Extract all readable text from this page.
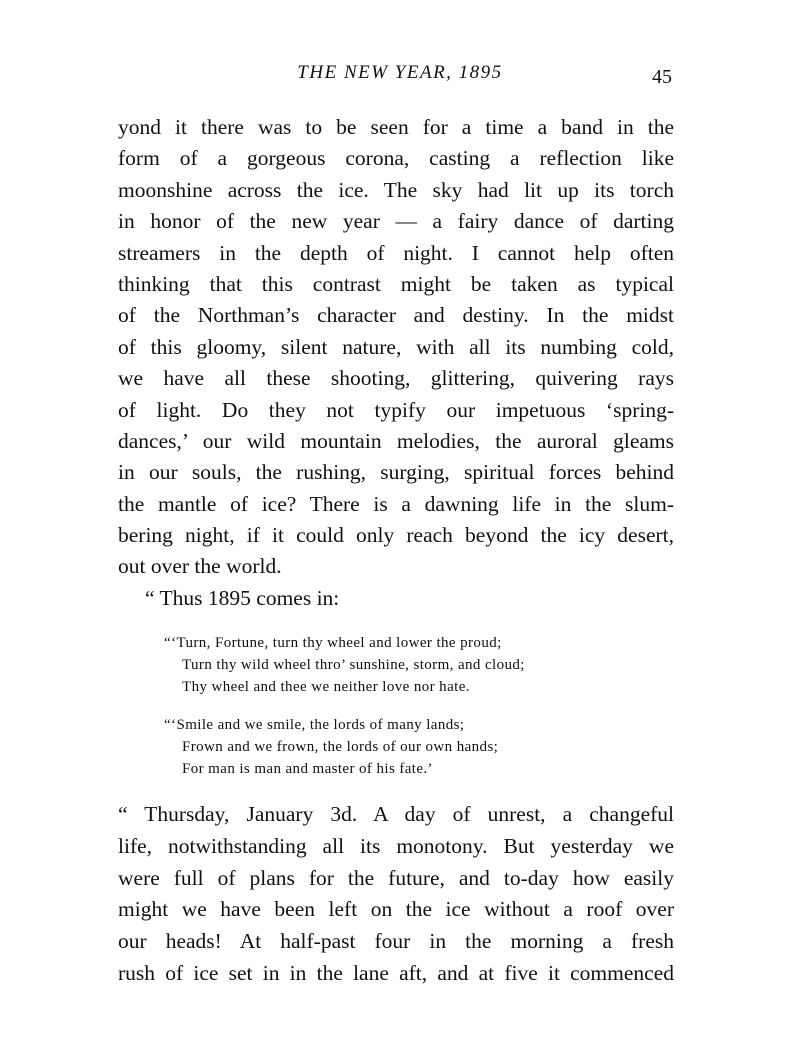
THE NEW YEAR, 1895	45
yond it there was to be seen for a time a band in the
form of a gorgeous corona, casting a reflection like
moonshine across the ice. The sky had lit up its torch
in honor of the new year — a fairy dance of darting
streamers in the depth of night. I cannot help often
thinking that this contrast might be taken as typical
of the Northman’s character and destiny. In the midst
of this gloomy, silent nature, with all its numbing cold,
we have all these shooting, glittering, quivering rays
of light. Do they not typify our impetuous ‘spring-
dances,’ our wild mountain melodies, the auroral gleams
in our souls, the rushing, surging, spiritual forces behind
the mantle of ice? There is a dawning life in the slum-
bering night, if it could only reach beyond the icy desert,
out over the world.
“ Thus 1895 comes in:
“‘Turn, Fortune, turn thy wheel and lower the proud;
Turn thy wild wheel thro’ sunshine, storm, and cloud;
Thy wheel and thee we neither love nor hate.
“‘Smile and we smile, the lords of many lands;
Frown and we frown, the lords of our own hands;
For man is man and master of his fate.’
“ Thursday, January 3d. A day of unrest, a changeful
life, notwithstanding all its monotony. But yesterday we
were full of plans for the future, and to-day how easily
might we have been left on the ice without a roof over
our heads! At half-past four in the morning a fresh
rush of ice set in in the lane aft, and at five it commenced
